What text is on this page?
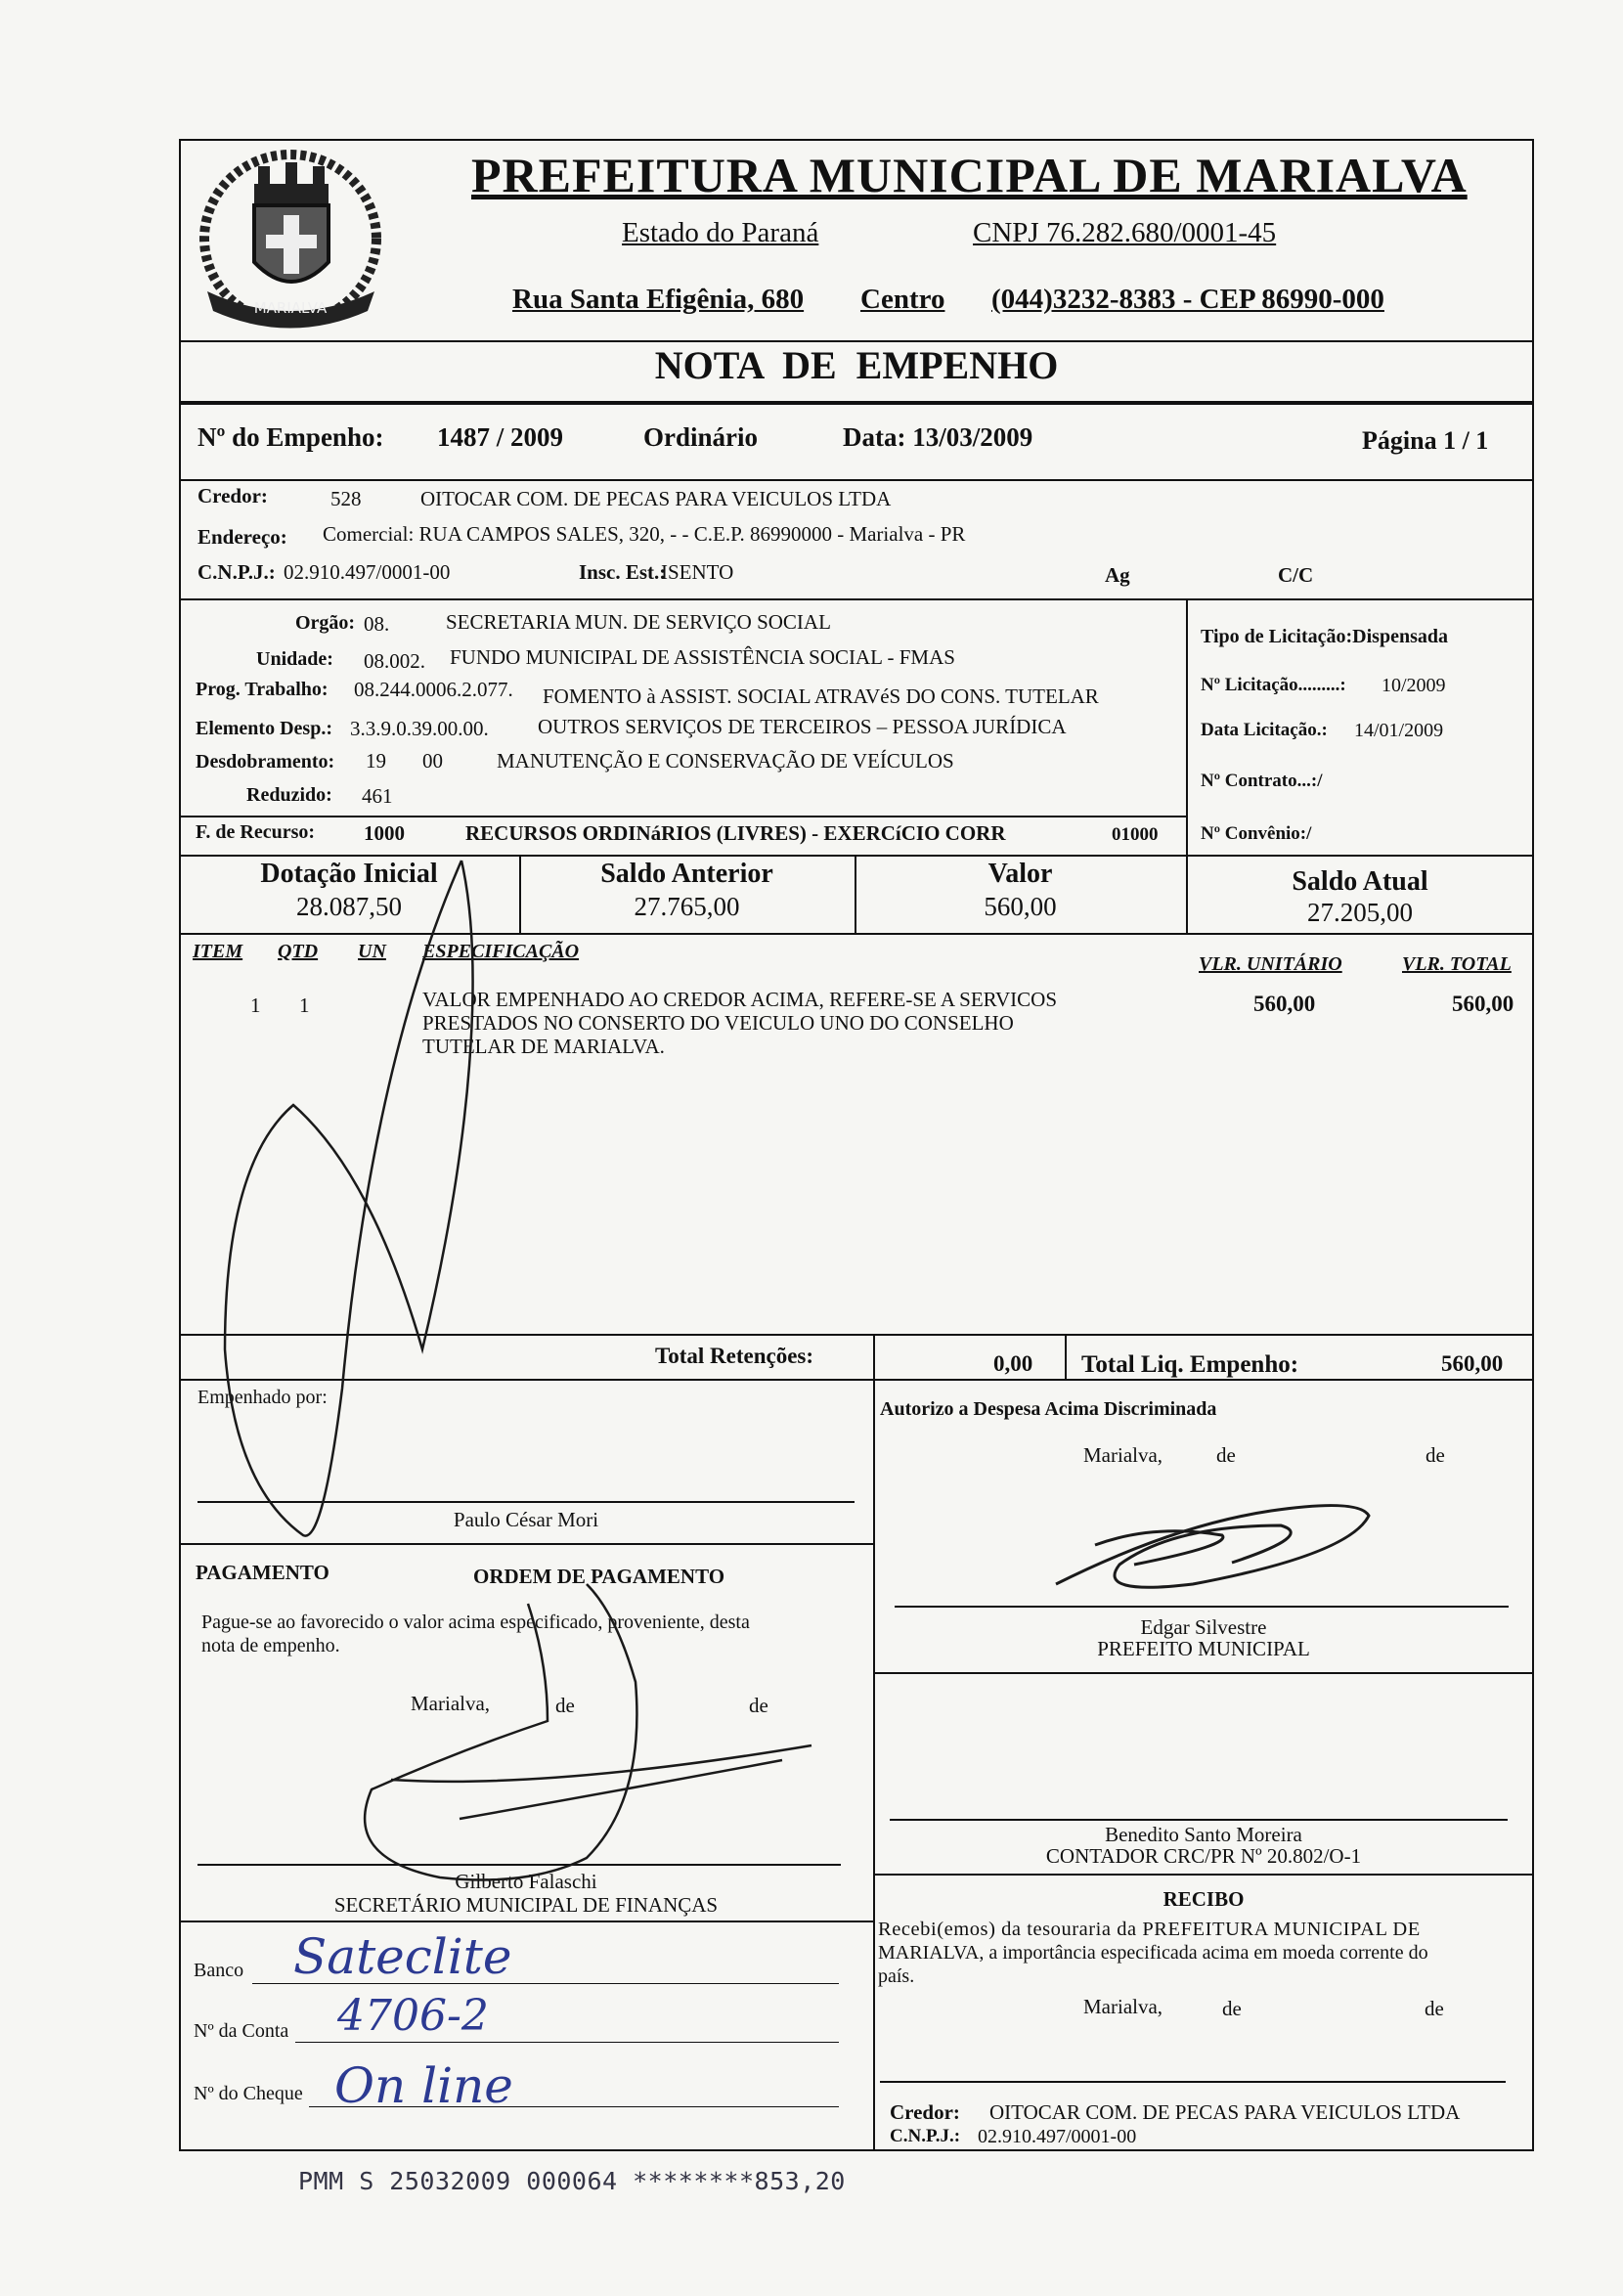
MARIALVA
PREFEITURA MUNICIPAL DE MARIALVA
Estado do Paraná	CNPJ 76.282.680/0001-45
Rua Santa Efigênia, 680 Centro (044)3232-8383 - CEP 86990-000
NOTA DE EMPENHO
Nº do Empenho: 1487 / 2009	Ordinário	Data: 13/03/2009	Página 1 / 1
Credor:	528	OITOCAR COM. DE PECAS PARA VEICULOS LTDA
Endereço: Comercial: RUA CAMPOS SALES, 320, - - C.E.P. 86990000 - Marialva - PR
C.N.P.J.: 02.910.497/0001-00	Insc. Est.:
ISENTO	Ag	C/C
Orgão: 08.	SECRETARIA MUN. DE SERVIÇO SOCIAL
Unidade: 08.002. FUNDO MUNICIPAL DE ASSISTÊNCIA SOCIAL - FMAS
Prog. Trabalho: 08.244.0006.2.077. FOMENTO à ASSIST. SOCIAL ATRAVéS DO CONS. TUTELAR
Elemento Desp.: 3.3.9.0.39.00.00. OUTROS SERVIÇOS DE TERCEIROS – PESSOA JURÍDICA
Desdobramento: 19 00	MANUTENÇÃO E CONSERVAÇÃO DE VEÍCULOS
Reduzido: 461
F. de Recurso: 1000	RECURSOS ORDINáRIOS (LIVRES) - EXERCíCIO CORR	01000
Tipo de Licitação:Dispensada
Nº Licitação.........: 10/2009
Data Licitação.: 14/01/2009
Nº Contrato...:/
Nº Convênio:/
Dotação Inicial
28.087,50
Saldo Anterior
27.765,00
Valor
560,00
Saldo Atual
27.205,00
ITEM QTD UN ESPECIFICAÇÃO
VLR. UNITÁRIO	VLR. TOTAL
1 1	VALOR EMPENHADO AO CREDOR ACIMA, REFERE-SE A SERVICOS
PRESTADOS NO CONSERTO DO VEICULO UNO DO CONSELHO
TUTELAR DE MARIALVA.
560,00	560,00
Total Retenções:	0,00 Total Liq. Empenho:	560,00
Empenhado por:
Paulo César Mori
Autorizo a Despesa Acima Discriminada
Marialva,	de	de
Edgar Silvestre
PREFEITO MUNICIPAL
PAGAMENTO	ORDEM DE PAGAMENTO
Pague-se ao favorecido o valor acima especificado, proveniente, desta
nota de empenho.
Marialva,	de	de
Gilberto Falaschi
SECRETÁRIO MUNICIPAL DE FINANÇAS
Benedito Santo Moreira
CONTADOR CRC/PR Nº 20.802/O-1
RECIBO
Recebi(emos) da tesouraria da PREFEITURA MUNICIPAL DE
MARIALVA, a importância especificada acima em moeda corrente do
país.
Marialva,	de	de
Banco Sateclite
Nº da Conta 4706-2
Nº do Cheque On line	Credor: OITOCAR COM. DE PECAS PARA VEICULOS LTDA
C.N.P.J.: 02.910.497/0001-00
PMM S 25032009 000064 ********853,20
